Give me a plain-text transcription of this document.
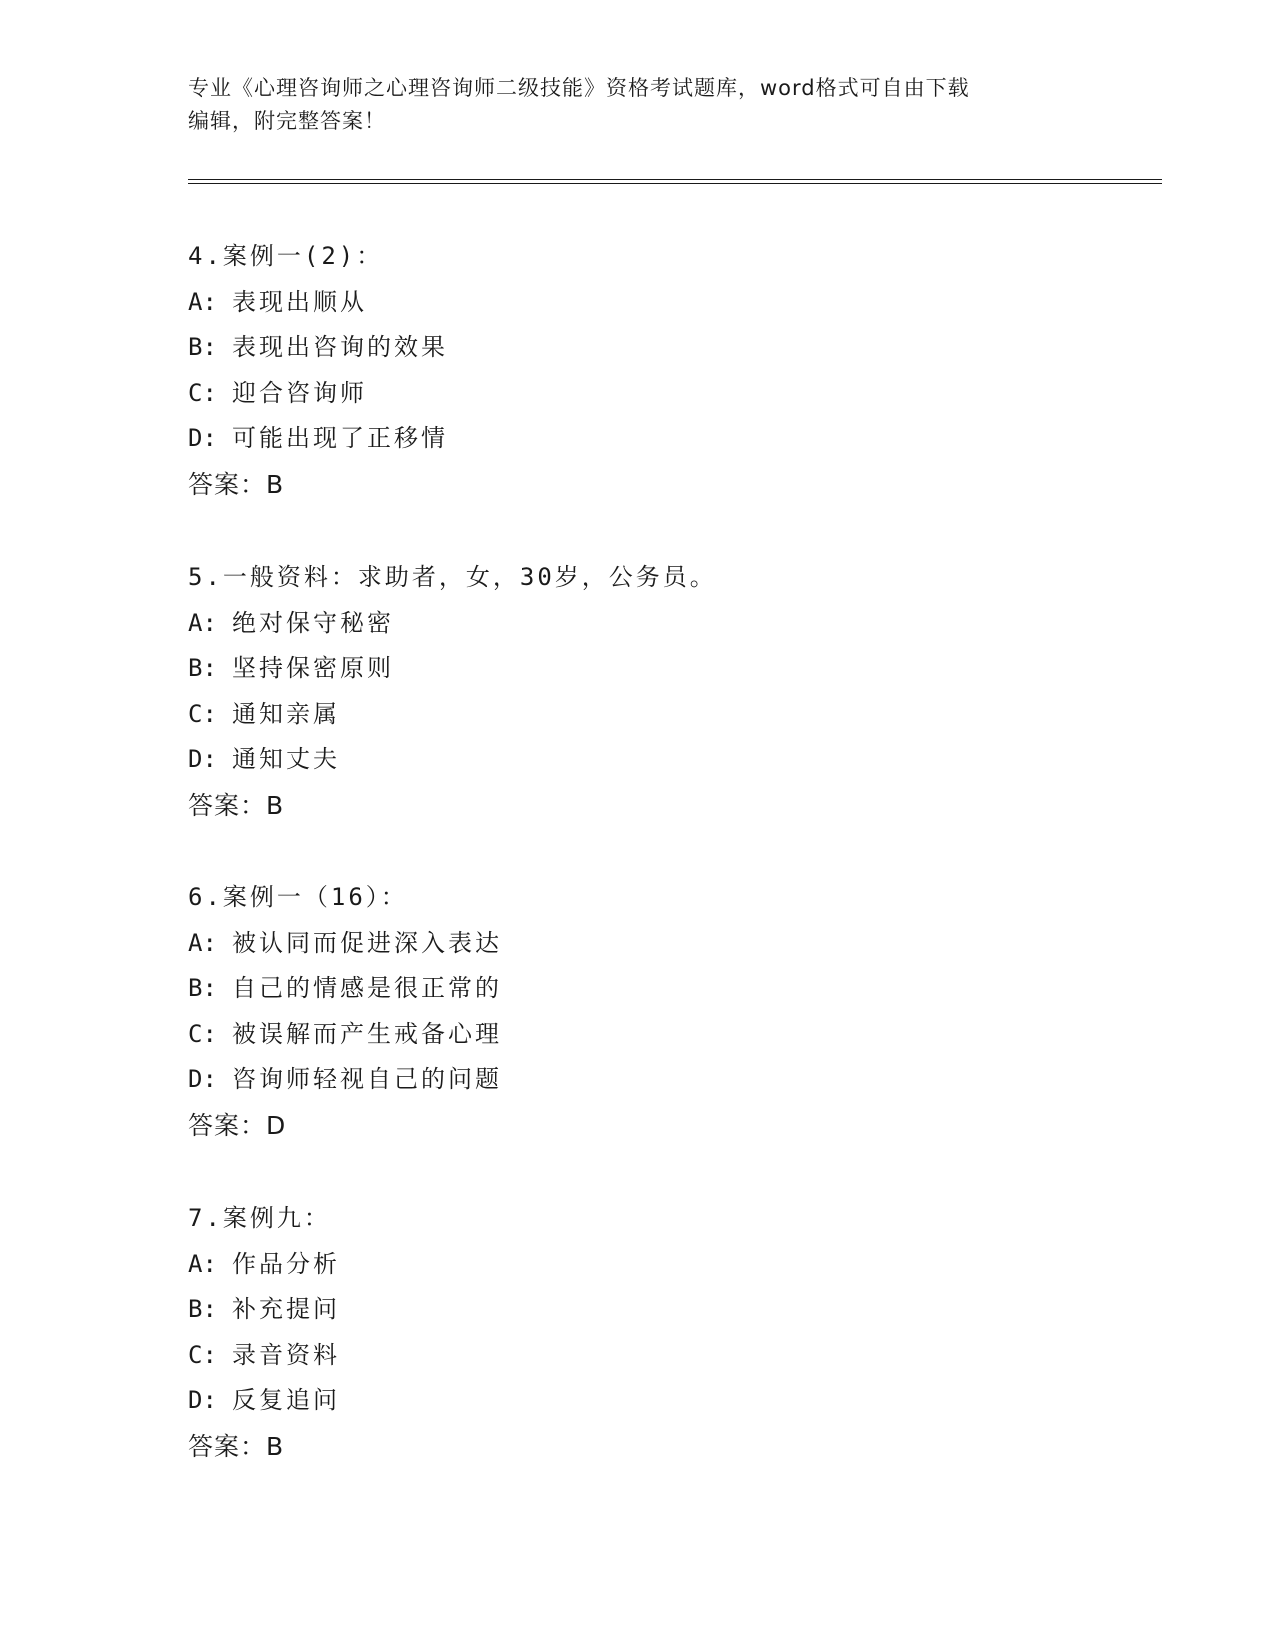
专业《心理咨询师之心理咨询师二级技能》资格考试题库，word格式可自由下载
编辑，附完整答案！
4.案例一(2)：
A: 表现出顺从
B: 表现出咨询的效果
C: 迎合咨询师
D: 可能出现了正移情
答案：B
5.一般资料：求助者，女，30岁，公务员。
A: 绝对保守秘密
B: 坚持保密原则
C: 通知亲属
D: 通知丈夫
答案：B
6.案例一（16）：
A: 被认同而促进深入表达
B: 自己的情感是很正常的
C: 被误解而产生戒备心理
D: 咨询师轻视自己的问题
答案：D
7.案例九：
A: 作品分析
B: 补充提问
C: 录音资料
D: 反复追问
答案：B
